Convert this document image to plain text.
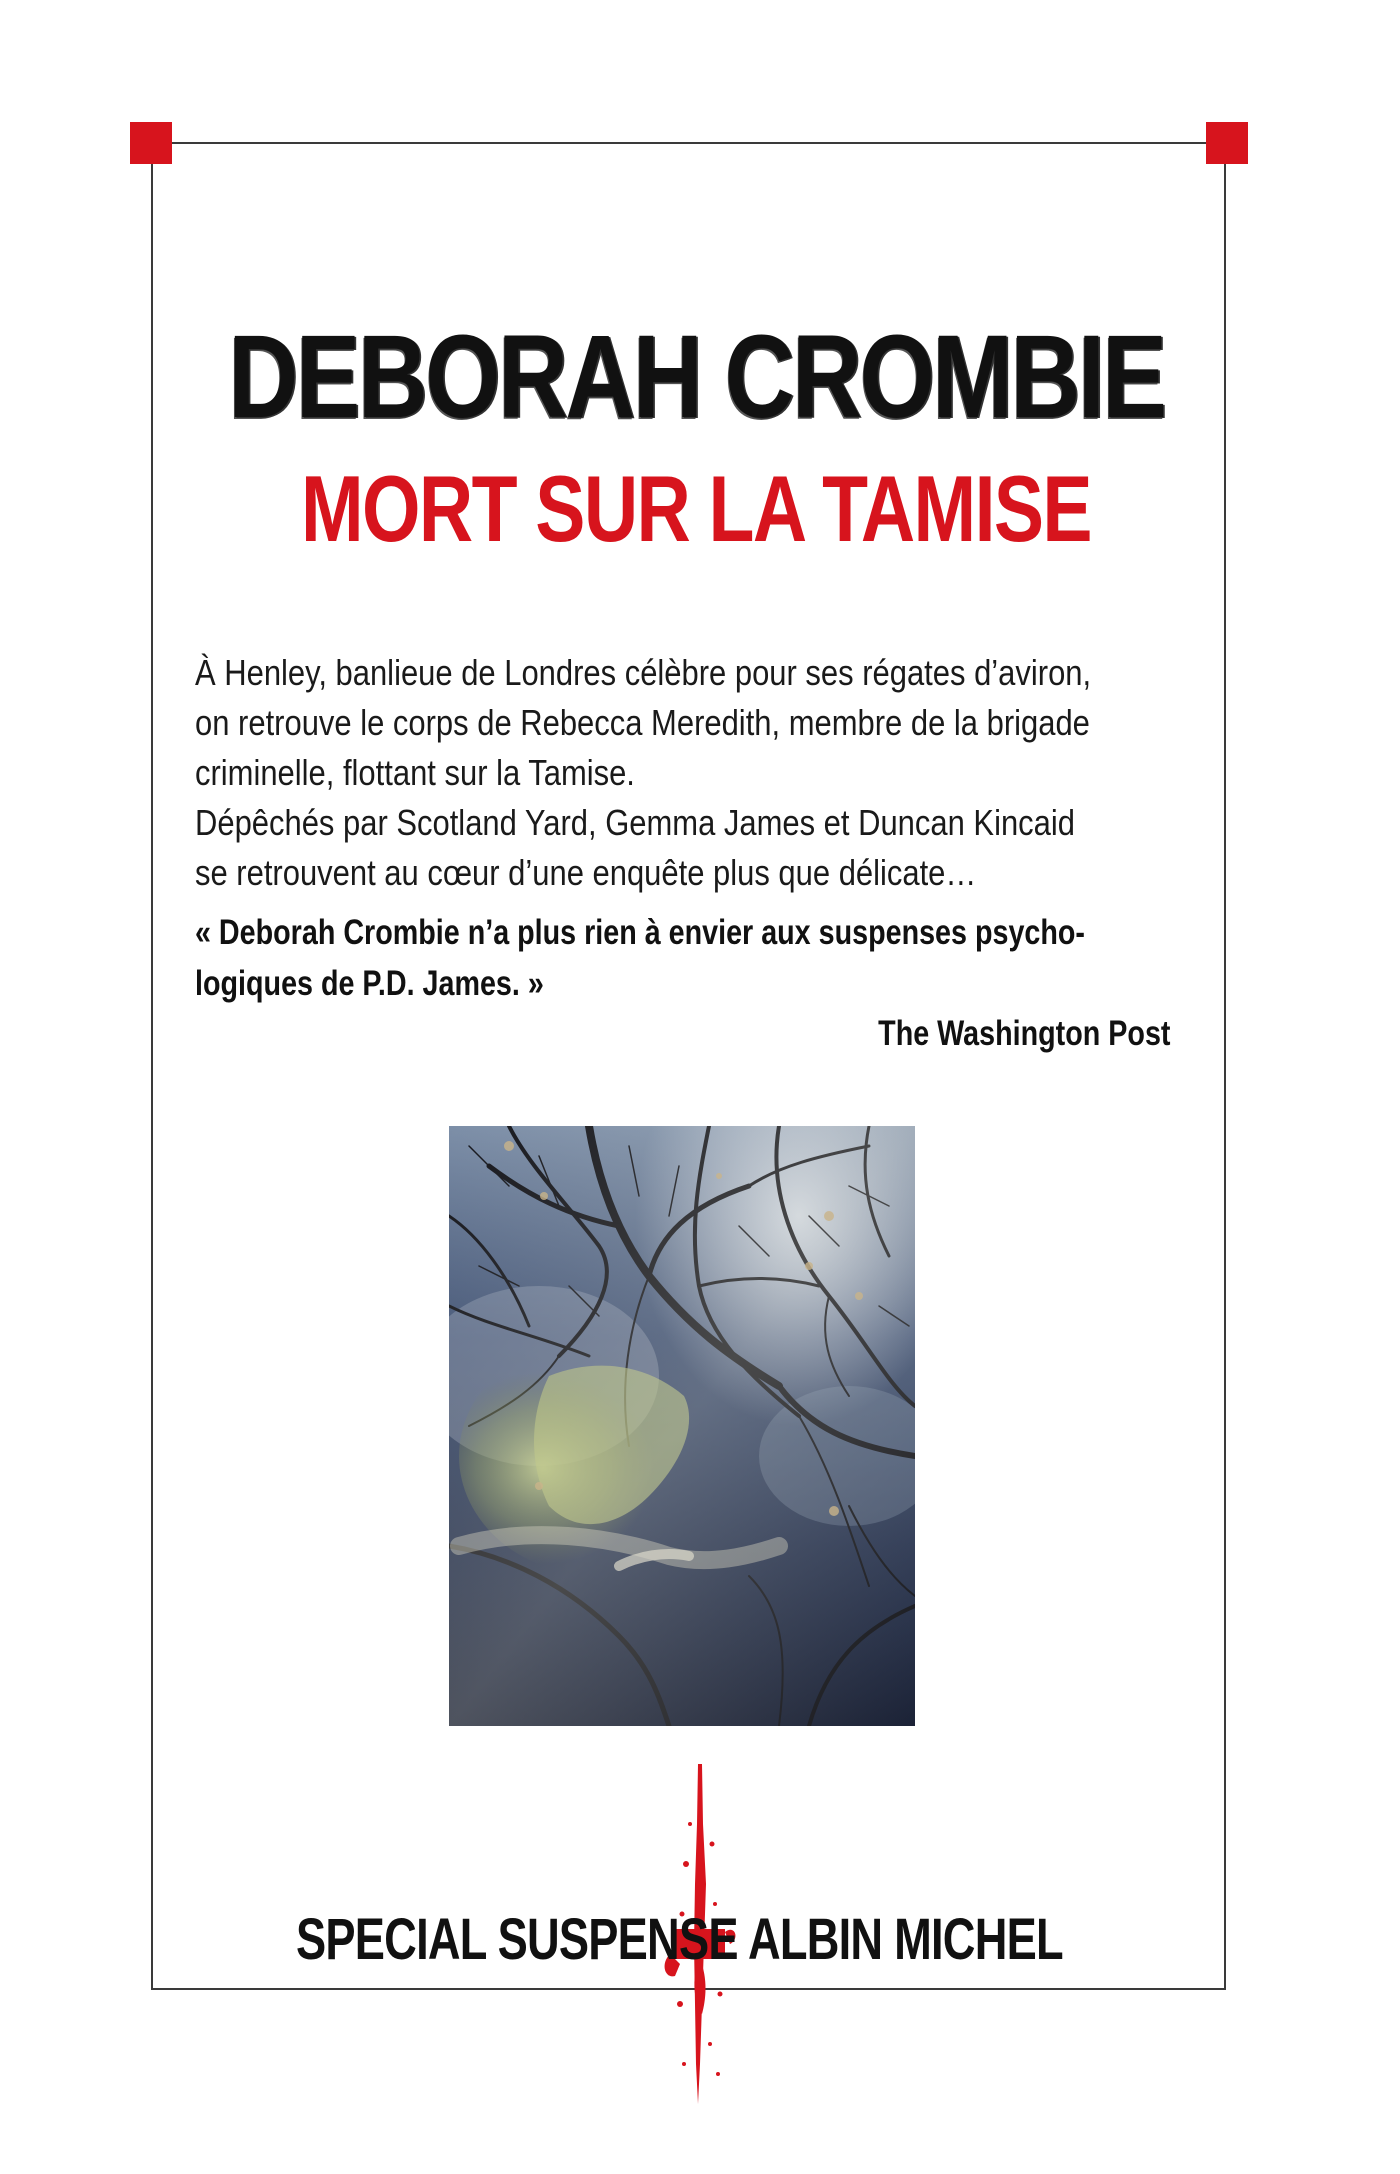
DEBORAH CROMBIE
MORT SUR LA TAMISE

À Henley, banlieue de Londres célèbre pour ses régates d’aviron,

on retrouve le corps de Rebecca Meredith, membre de la brigade

criminelle, flottant sur la Tamise.

Dépêchés par Scotland Yard, Gemma James et Duncan Kincaid

se retrouvent au cœur d’une enquête plus que délicate…

« Deborah Crombie n’a plus rien à envier aux suspenses psycho-

logiques de P.D. James. »

The Washington Post
SPECIAL SUSPENSE ALBIN MICHEL
